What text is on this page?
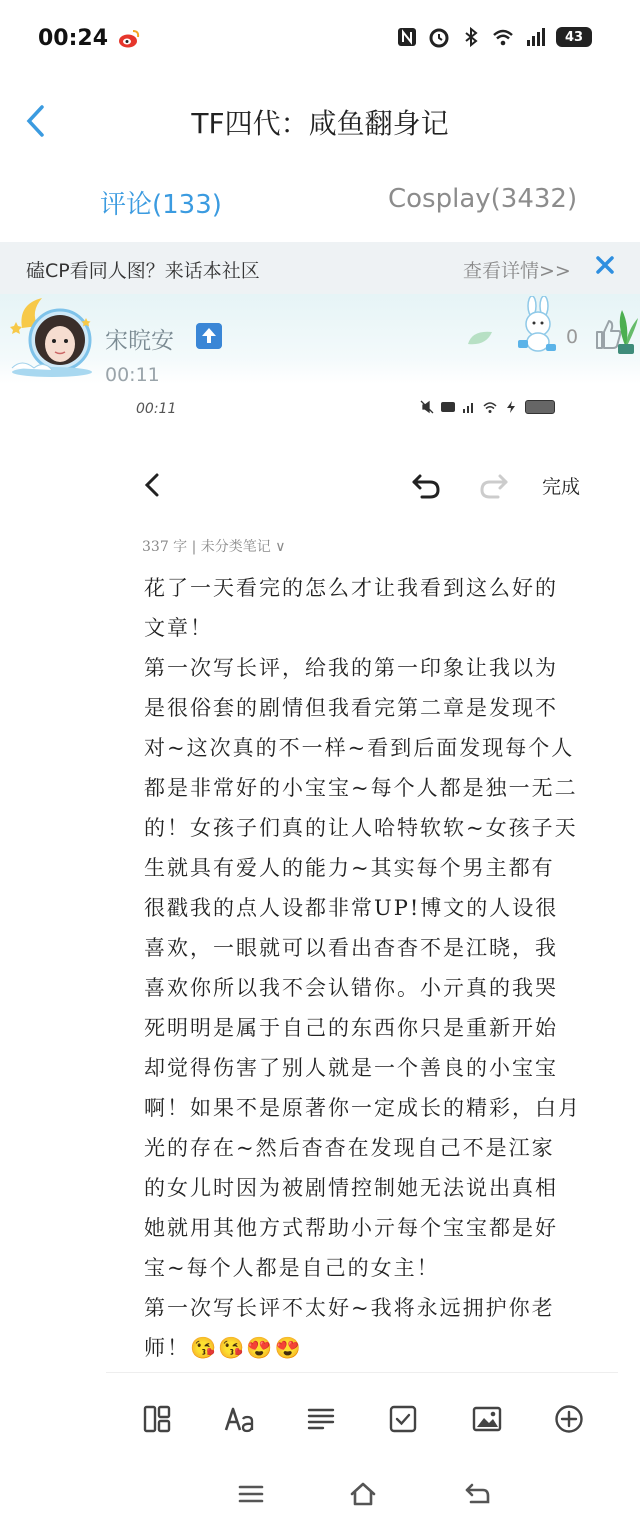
00:24	43
TF四代：咸鱼翻身记
评论(133)	Cosplay(3432)
磕CP看同人图？来话本社区	查看详情>>
宋晥安
00:11
0
00:11
完成
337 字 | 未分类笔记 ∨
花了一天看完的怎么才让我看到这么好的
文章！
第一次写长评，给我的第一印象让我以为
是很俗套的剧情但我看完第二章是发现不
对~这次真的不一样~看到后面发现每个人
都是非常好的小宝宝~每个人都是独一无二
的！女孩子们真的让人哈特软软~女孩子天
生就具有爱人的能力~其实每个男主都有
很戳我的点人设都非常UP!博文的人设很
喜欢，一眼就可以看出杳杳不是江晓，我
喜欢你所以我不会认错你。小亓真的我哭
死明明是属于自己的东西你只是重新开始
却觉得伤害了别人就是一个善良的小宝宝
啊！如果不是原著你一定成长的精彩，白月
光的存在~然后杳杳在发现自己不是江家
的女儿时因为被剧情控制她无法说出真相
她就用其他方式帮助小亓每个宝宝都是好
宝~每个人都是自己的女主！
第一次写长评不太好~我将永远拥护你老
师！😘😘😍😍
